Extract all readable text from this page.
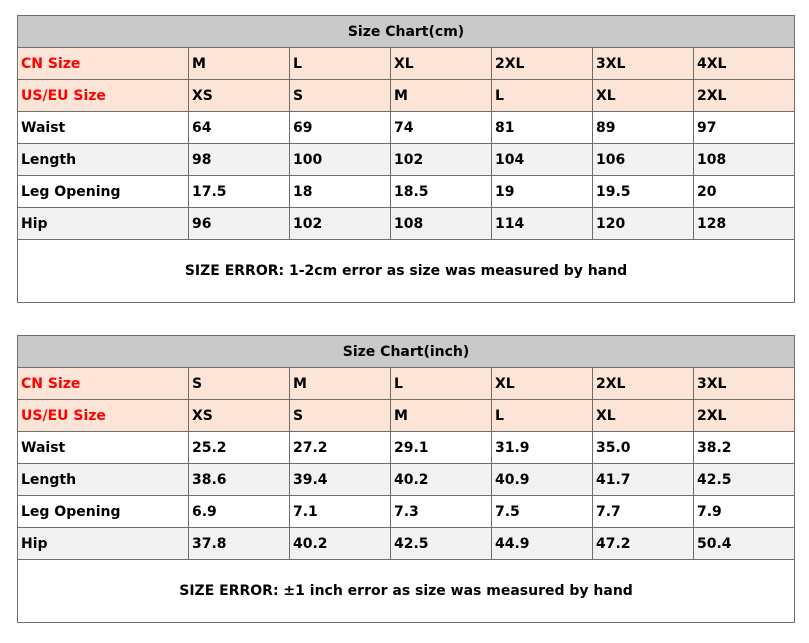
Size Chart(cm)						
CN Size	M	L	XL	2XL	3XL	4XL
US/EU Size	XS	S	M	L	XL	2XL
Waist	64	69	74	81	89	97
Length	98	100	102	104	106	108
Leg Opening	17.5	18	18.5	19	19.5	20
Hip	96	102	108	114	120	128
SIZE ERROR: 1-2cm error as size was measured by hand						
Size Chart(inch)						
CN Size	S	M	L	XL	2XL	3XL
US/EU Size	XS	S	M	L	XL	2XL
Waist	25.2	27.2	29.1	31.9	35.0	38.2
Length	38.6	39.4	40.2	40.9	41.7	42.5
Leg Opening	6.9	7.1	7.3	7.5	7.7	7.9
Hip	37.8	40.2	42.5	44.9	47.2	50.4
SIZE ERROR: ±1 inch error as size was measured by hand						
